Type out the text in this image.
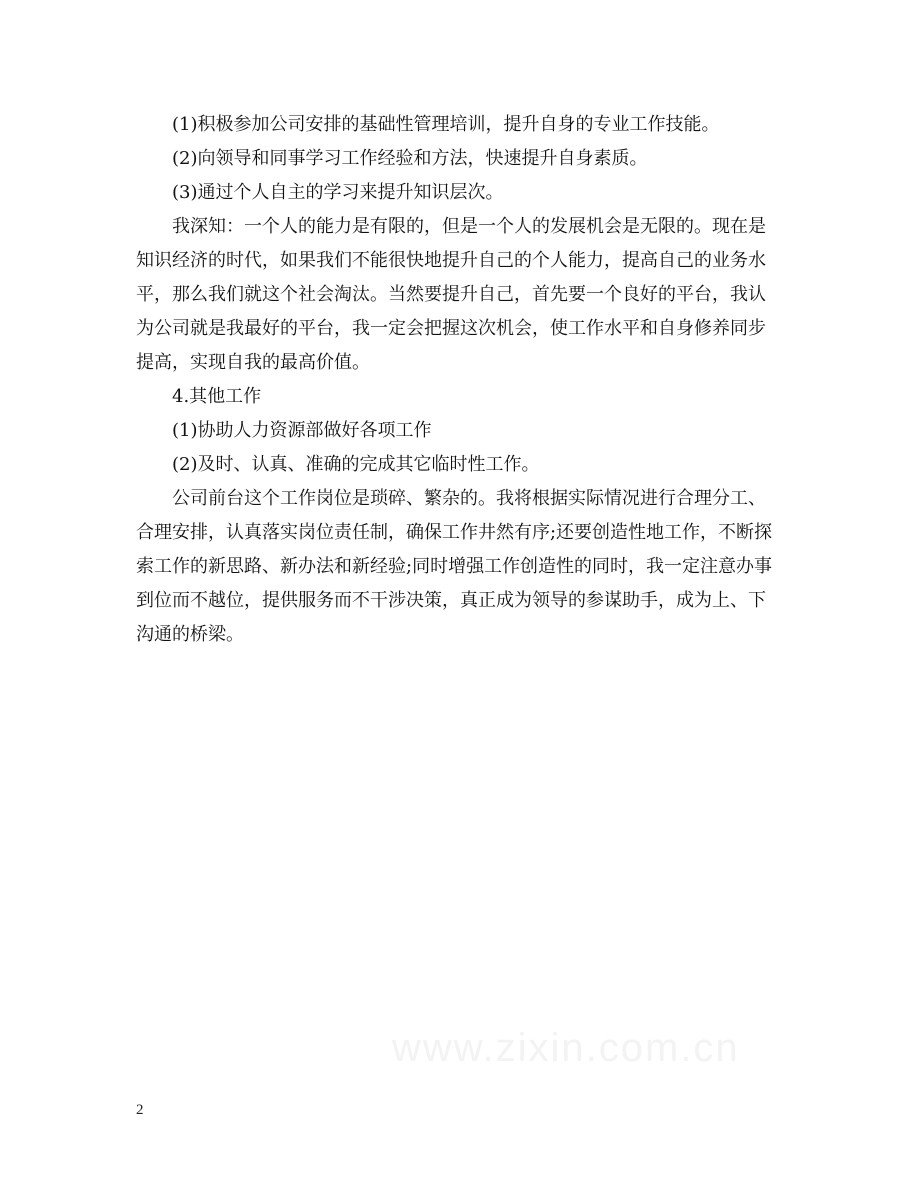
(1)积极参加公司安排的基础性管理培训，提升自身的专业工作技能。
(2)向领导和同事学习工作经验和方法，快速提升自身素质。
(3)通过个人自主的学习来提升知识层次。
我深知：一个人的能力是有限的，但是一个人的发展机会是无限的。现在是
知识经济的时代，如果我们不能很快地提升自己的个人能力，提高自己的业务水
平，那么我们就这个社会淘汰。当然要提升自己，首先要一个良好的平台，我认
为公司就是我最好的平台，我一定会把握这次机会，使工作水平和自身修养同步
提高，实现自我的最高价值。
4.其他工作
(1)协助人力资源部做好各项工作
(2)及时、认真、准确的完成其它临时性工作。
公司前台这个工作岗位是琐碎、繁杂的。我将根据实际情况进行合理分工、
合理安排，认真落实岗位责任制，确保工作井然有序;还要创造性地工作，不断探
索工作的新思路、新办法和新经验;同时增强工作创造性的同时，我一定注意办事
到位而不越位，提供服务而不干涉决策，真正成为领导的参谋助手，成为上、下
沟通的桥梁。
www.zixin.com.cn
2
